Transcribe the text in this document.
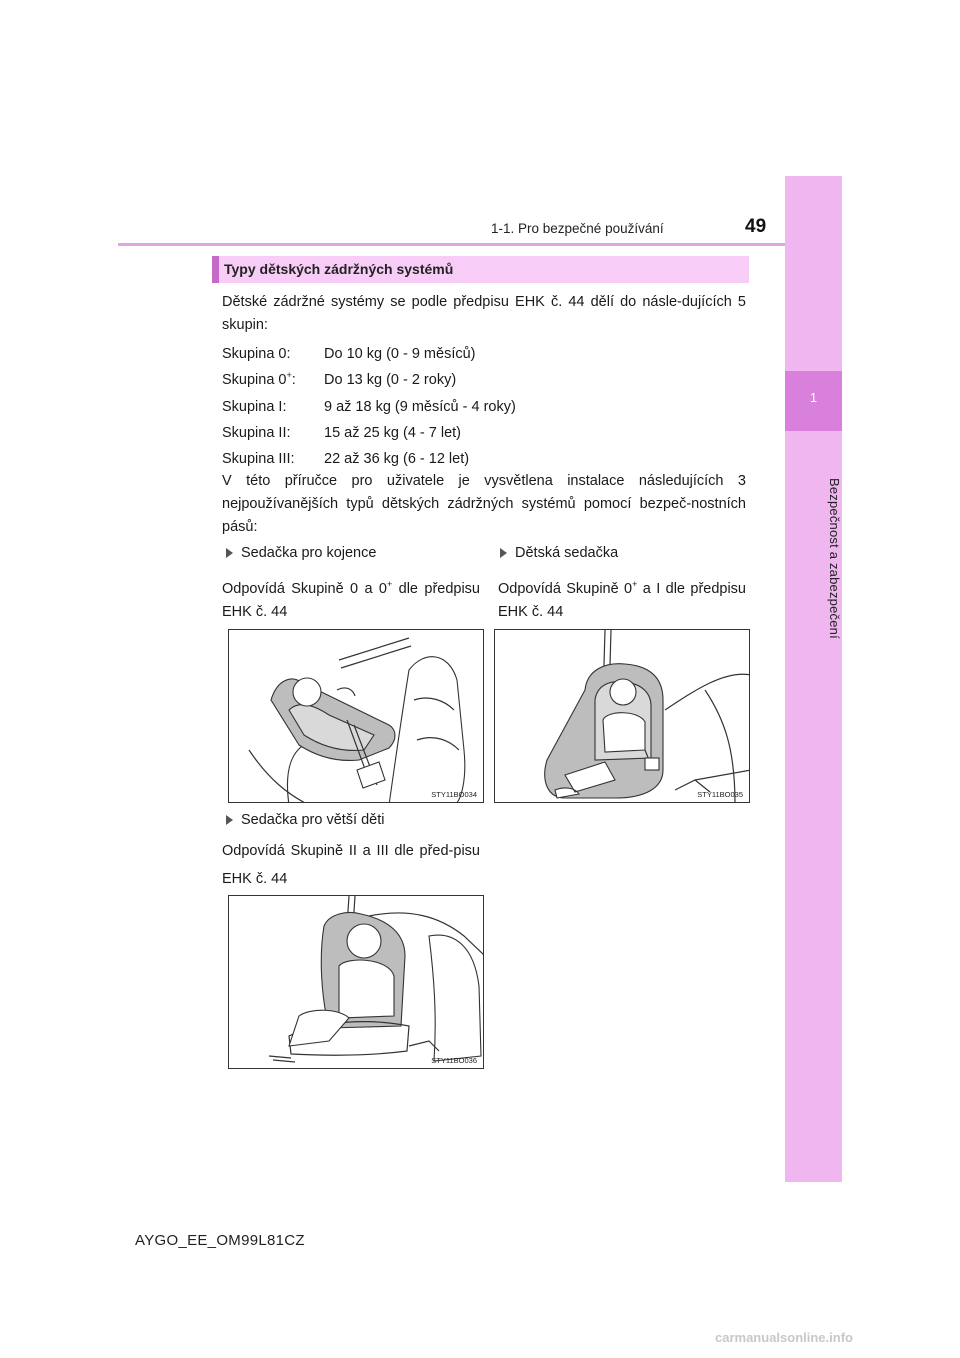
1
Bezpečnost a zabezpečení
1-1. Pro bezpečné používání	49
Typy dětských zádržných systémů
Dětské zádržné systémy se podle předpisu EHK č. 44 dělí do násle-dujících 5 skupin:
Skupina 0: Do 10 kg (0 - 9 měsíců)
Skupina 0+: Do 13 kg (0 - 2 roky)
Skupina I:	9 až 18 kg (9 měsíců - 4 roky)
Skupina II: 15 až 25 kg (4 - 7 let)
Skupina III: 22 až 36 kg (6 - 12 let)
V této příručce pro uživatele je vysvětlena instalace následujících 3 nejpoužívanějších typů dětských zádržných systémů pomocí bezpeč-nostních pásů:
Sedačka pro kojence
Odpovídá Skupině 0 a 0+ dle předpisu EHK č. 44
Dětská sedačka
Odpovídá Skupině 0+ a I dle předpisu EHK č. 44
STY11BO034	STY11BO035
Sedačka pro větší děti
Odpovídá Skupině II a III dle před-pisu EHK č. 44
STY11BO036
AYGO_EE_OM99L81CZ
carmanualsonline.info
